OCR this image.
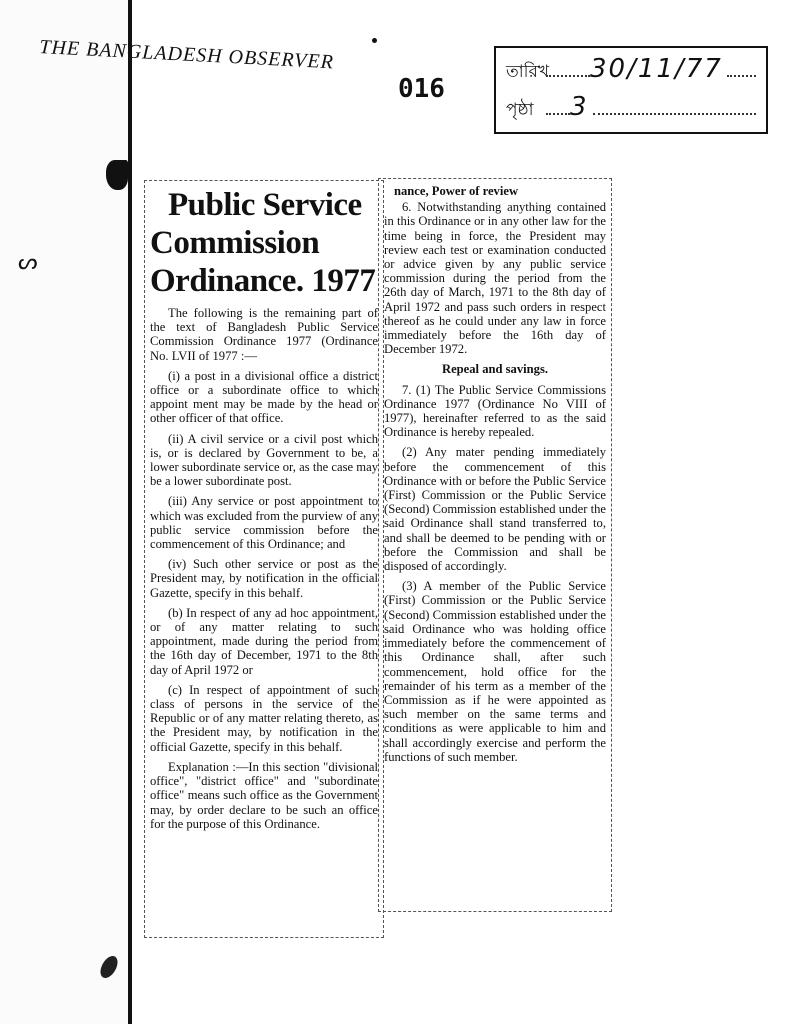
ᔕ
THE BANGLADESH OBSERVER
016
তারিখ 30/11/77
পৃষ্ঠা	3

Public Service
Commission
Ordinance. 1977

The following is the remaining part of the text of Bangladesh Public Service Commission Ordinance 1977 (Ordinance No. LVII of 1977 :—

(i) a post in a divisional office a district office or a subordinate office to which appoint ment may be made by the head or other officer of that office.

(ii) A civil service or a civil post which is, or is declared by Government to be, a lower subordinate service or, as the case may be a lower subordinate post.

(iii) Any service or post appointment to which was excluded from the purview of any public service commission before the commencement of this Ordinance; and

(iv) Such other service or post as the President may, by notification in the official Gazette, specify in this behalf.

(b) In respect of any ad hoc appointment, or of any matter relating to such appointment, made during the period from the 16th day of December, 1971 to the 8th day of April 1972 or

(c) In respect of appointment of such class of persons in the service of the Republic or of any matter relating thereto, as the President may, by notification in the official Gazette, specify in this behalf.

Explanation :—In this section "divisional office", "district office" and "subordinate office" means such office as the Government may, by order declare to be such an office for the purpose of this Ordinance.

nance, Power of review

6. Notwithstanding anything contained in this Ordinance or in any other law for the time being in force, the President may review each test or examination conducted or advice given by any public service commission during the period from the 26th day of March, 1971 to the 8th day of April 1972 and pass such orders in respect thereof as he could under any law in force immediately before the 16th day of December 1972.

Repeal and savings.

7. (1) The Public Service Commissions Ordinance 1977 (Ordinance No VIII of 1977), hereinafter referred to as the said Ordinance is hereby repealed.

(2) Any mater pending immediately before the commencement of this Ordinance with or before the Public Service (First) Commission or the Public Service (Second) Commission established under the said Ordinance shall stand transferred to, and shall be deemed to be pending with or before the Commission and shall be disposed of accordingly.

(3) A member of the Public Service (First) Commission or the Public Service (Second) Commission established under the said Ordinance who was holding office immediately before the commencement of this Ordinance shall, after such commencement, hold office for the remainder of his term as a member of the Commission as if he were appointed as such member on the same terms and conditions as were applicable to him and shall accordingly exercise and perform the functions of such member.
